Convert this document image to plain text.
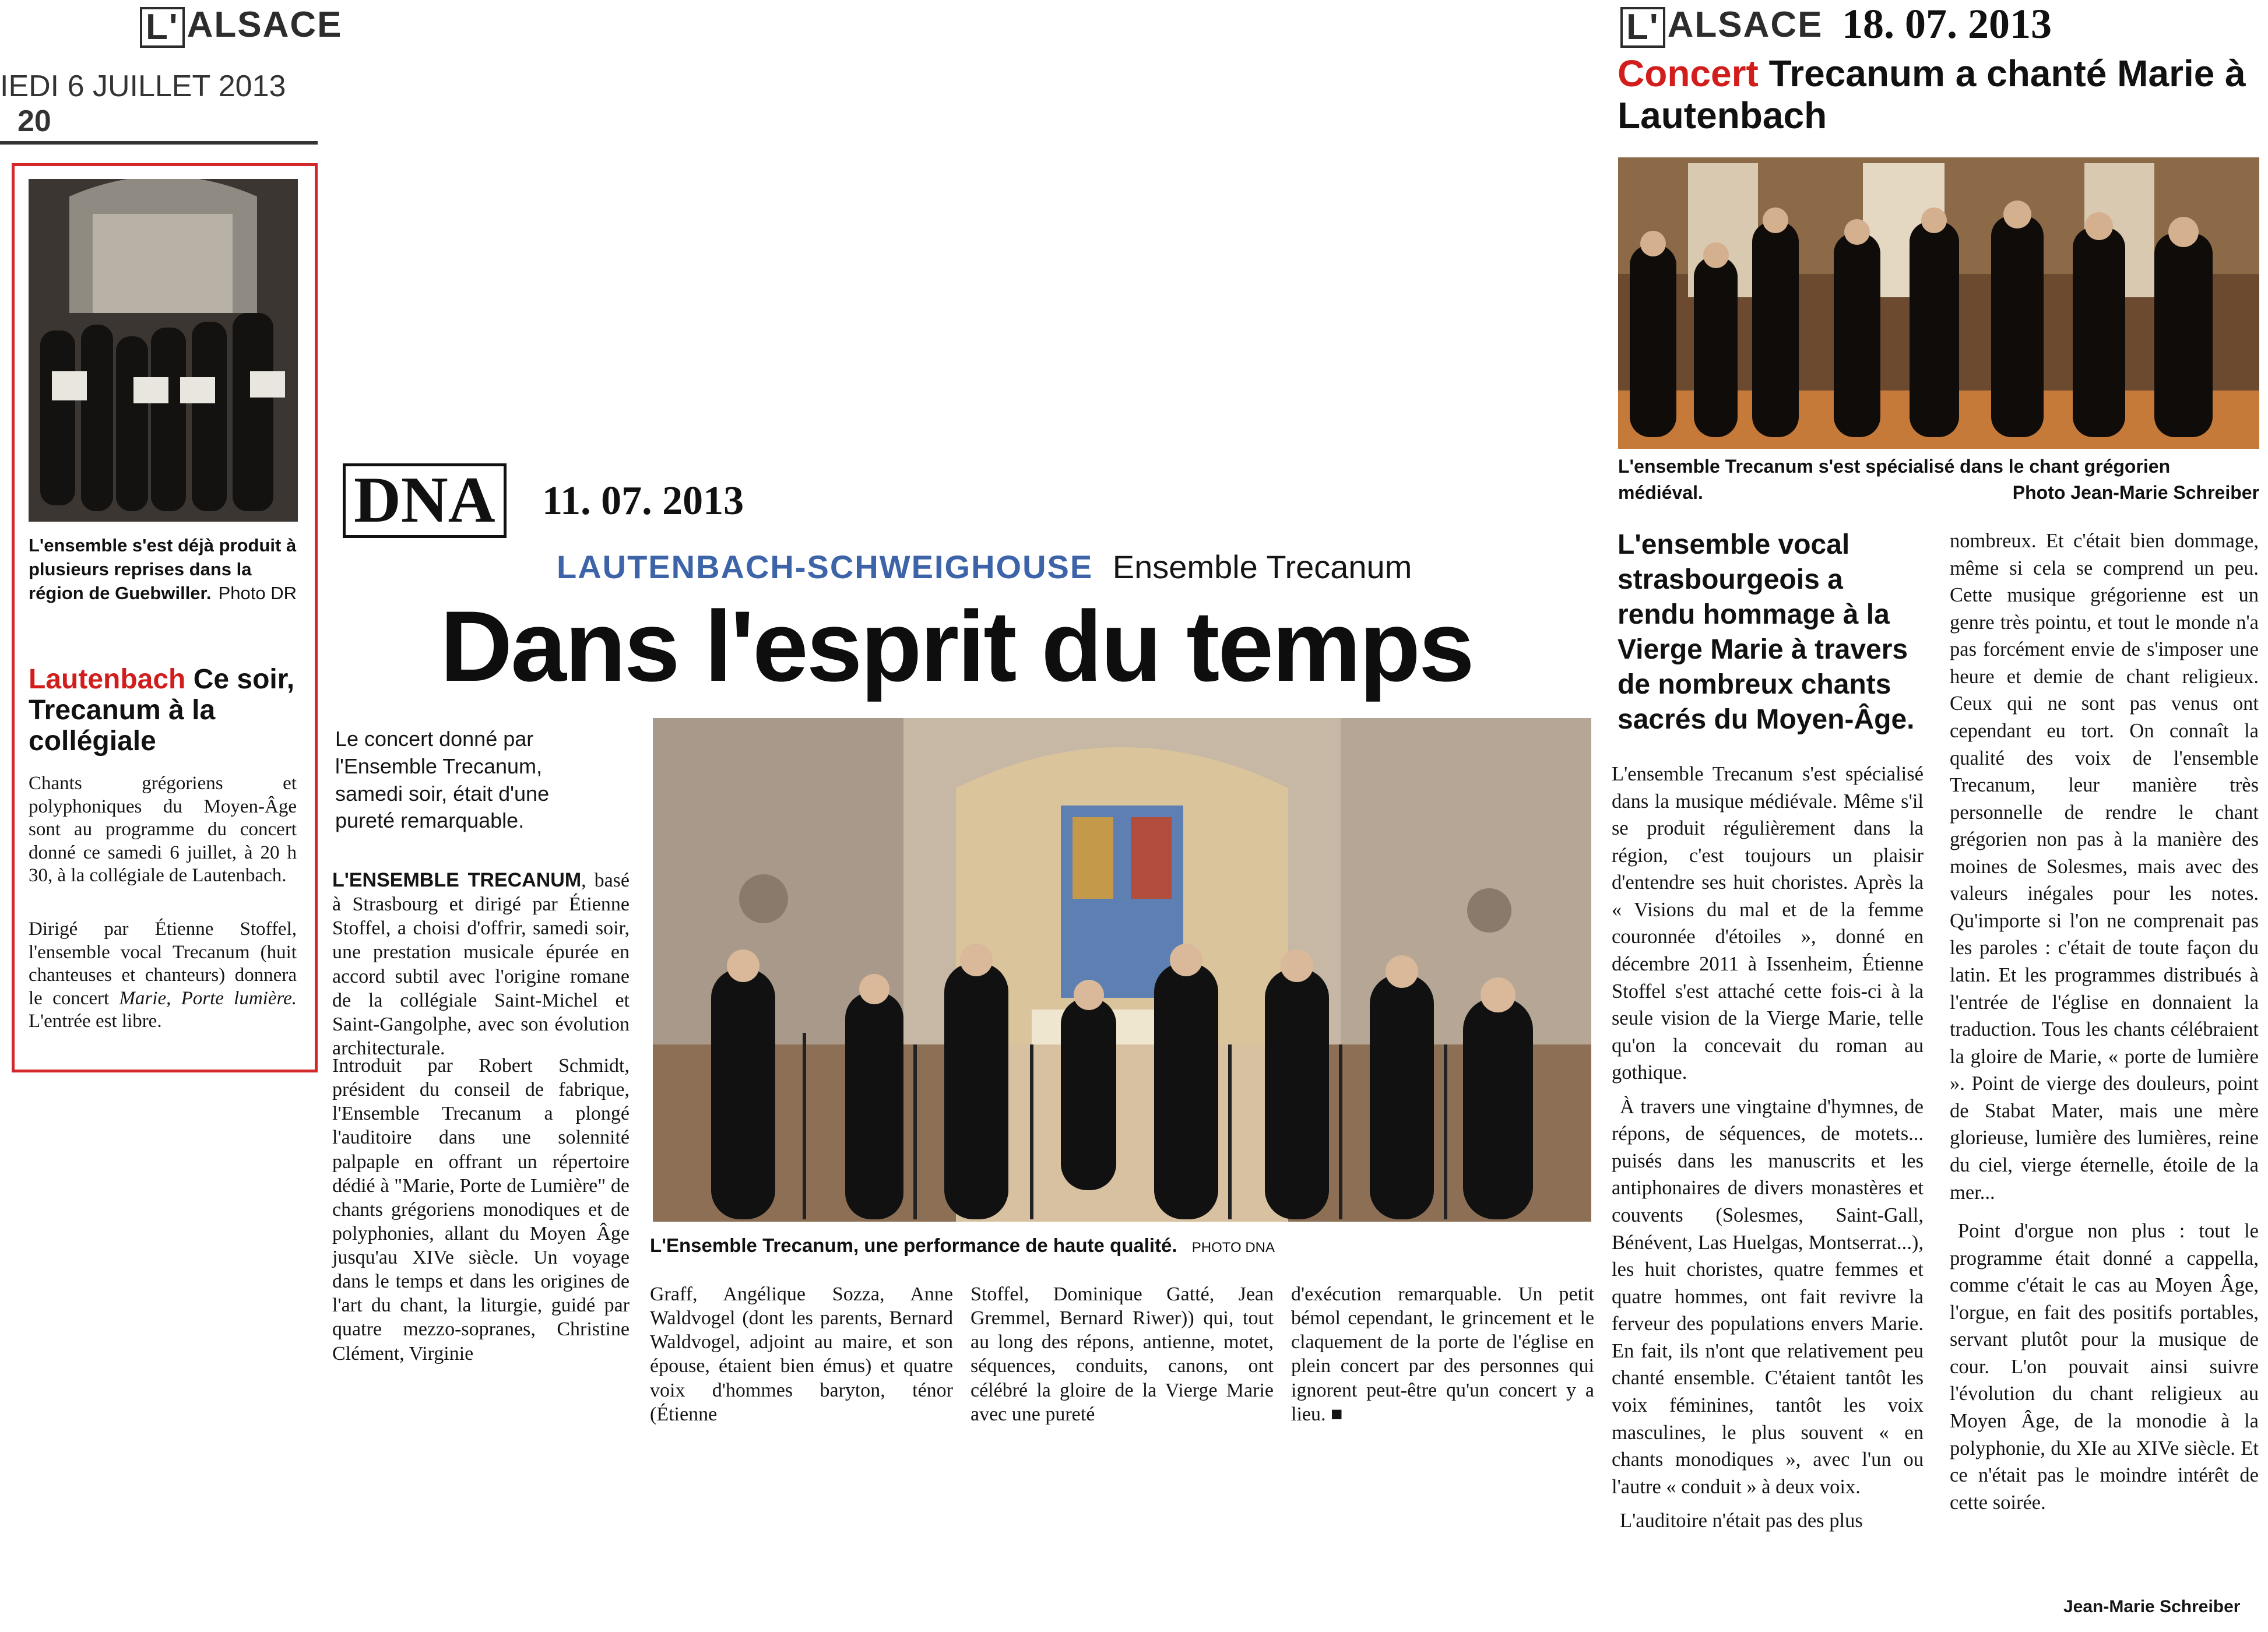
L' ALSACE
IEDI 6 JUILLET 2013 20

L'ensemble s'est déjà produit à plusieurs reprises dans la région de Guebwiller. Photo DR

Lautenbach Ce soir, Trecanum à la collégiale

Chants grégoriens et polyphoniques du Moyen-Âge sont au programme du concert donné ce samedi 6 juillet, à 20 h 30, à la collégiale de Lautenbach.

Dirigé par Étienne Stoffel, l'ensemble vocal Trecanum (huit chanteuses et chanteurs) donnera le concert Marie, Porte lumière. L'entrée est libre.

DNA 11. 07. 2013
LAUTENBACH-SCHWEIGHOUSE Ensemble Trecanum
Dans l'esprit du temps

Le concert donné par l'Ensemble Trecanum, samedi soir, était d'une pureté remarquable.

L'ENSEMBLE TRECANUM, basé à Strasbourg et dirigé par Étienne Stoffel, a choisi d'offrir, samedi soir, une prestation musicale épurée en accord subtil avec l'origine romane de la collégiale Saint-Michel et Saint-Gangolphe, avec son évolution architecturale.

Introduit par Robert Schmidt, président du conseil de fabrique, l'Ensemble Trecanum a plongé l'auditoire dans une solennité palpaple en offrant un répertoire dédié à "Marie, Porte de Lumière" de chants grégoriens monodiques et de polyphonies, allant du Moyen Âge jusqu'au XIVe siècle. Un voyage dans le temps et dans les origines de l'art du chant, la liturgie, guidé par quatre mezzo-sopranes, Christine Clément, Virginie

L'Ensemble Trecanum, une performance de haute qualité. PHOTO DNA

Graff, Angélique Sozza, Anne Waldvogel (dont les parents, Bernard Waldvogel, adjoint au maire, et son épouse, étaient bien émus) et quatre voix d'hommes baryton, ténor (Étienne

Stoffel, Dominique Gatté, Jean Gremmel, Bernard Riwer)) qui, tout au long des répons, antienne, motet, séquences, conduits, canons, ont célébré la gloire de la Vierge Marie avec une pureté

d'exécution remarquable. Un petit bémol cependant, le grincement et le claquement de la porte de l'église en plein concert par des personnes qui ignorent peut-être qu'un concert y a lieu. ■

L' ALSACE 18. 07. 2013
Concert Trecanum a chanté Marie à Lautenbach

L'ensemble Trecanum s'est spécialisé dans le chant grégorien médiéval.	Photo Jean-Marie Schreiber

L'ensemble vocal strasbourgeois a rendu hommage à la Vierge Marie à travers de nombreux chants sacrés du Moyen-Âge.

L'ensemble Trecanum s'est spécialisé dans la musique médiévale. Même s'il se produit régulièrement dans la région, c'est toujours un plaisir d'entendre ses huit choristes. Après la « Visions du mal et de la femme couronnée d'étoiles », donné en décembre 2011 à Issenheim, Étienne Stoffel s'est attaché cette fois-ci à la seule vision de la Vierge Marie, telle qu'on la concevait du roman au gothique.

À travers une vingtaine d'hymnes, de répons, de séquences, de motets... puisés dans les manuscrits et les antiphonaires de divers monastères et couvents (Solesmes, Saint-Gall, Bénévent, Las Huelgas, Montserrat...), les huit choristes, quatre femmes et quatre hommes, ont fait revivre la ferveur des populations envers Marie. En fait, ils n'ont que relativement peu chanté ensemble. C'étaient tantôt les voix féminines, tantôt les voix masculines, le plus souvent « en chants monodiques », avec l'un ou l'autre « conduit » à deux voix.

L'auditoire n'était pas des plus

nombreux. Et c'était bien dommage, même si cela se comprend un peu. Cette musique grégorienne est un genre très pointu, et tout le monde n'a pas forcément envie de s'imposer une heure et demie de chant religieux. Ceux qui ne sont pas venus ont cependant eu tort. On connaît la qualité des voix de l'ensemble Trecanum, leur manière très personnelle de rendre le chant grégorien non pas à la manière des moines de Solesmes, mais avec des valeurs inégales pour les notes. Qu'importe si l'on ne comprenait pas les paroles : c'était de toute façon du latin. Et les programmes distribués à l'entrée de l'église en donnaient la traduction. Tous les chants célébraient la gloire de Marie, « porte de lumière ». Point de vierge des douleurs, point de Stabat Mater, mais une mère glorieuse, lumière des lumières, reine du ciel, vierge éternelle, étoile de la mer...

Point d'orgue non plus : tout le programme était donné a cappella, comme c'était le cas au Moyen Âge, l'orgue, en fait des positifs portables, servant plutôt pour la musique de cour. L'on pouvait ainsi suivre l'évolution du chant religieux au Moyen Âge, de la monodie à la polyphonie, du XIe au XIVe siècle. Et ce n'était pas le moindre intérêt de cette soirée.

Jean-Marie Schreiber
